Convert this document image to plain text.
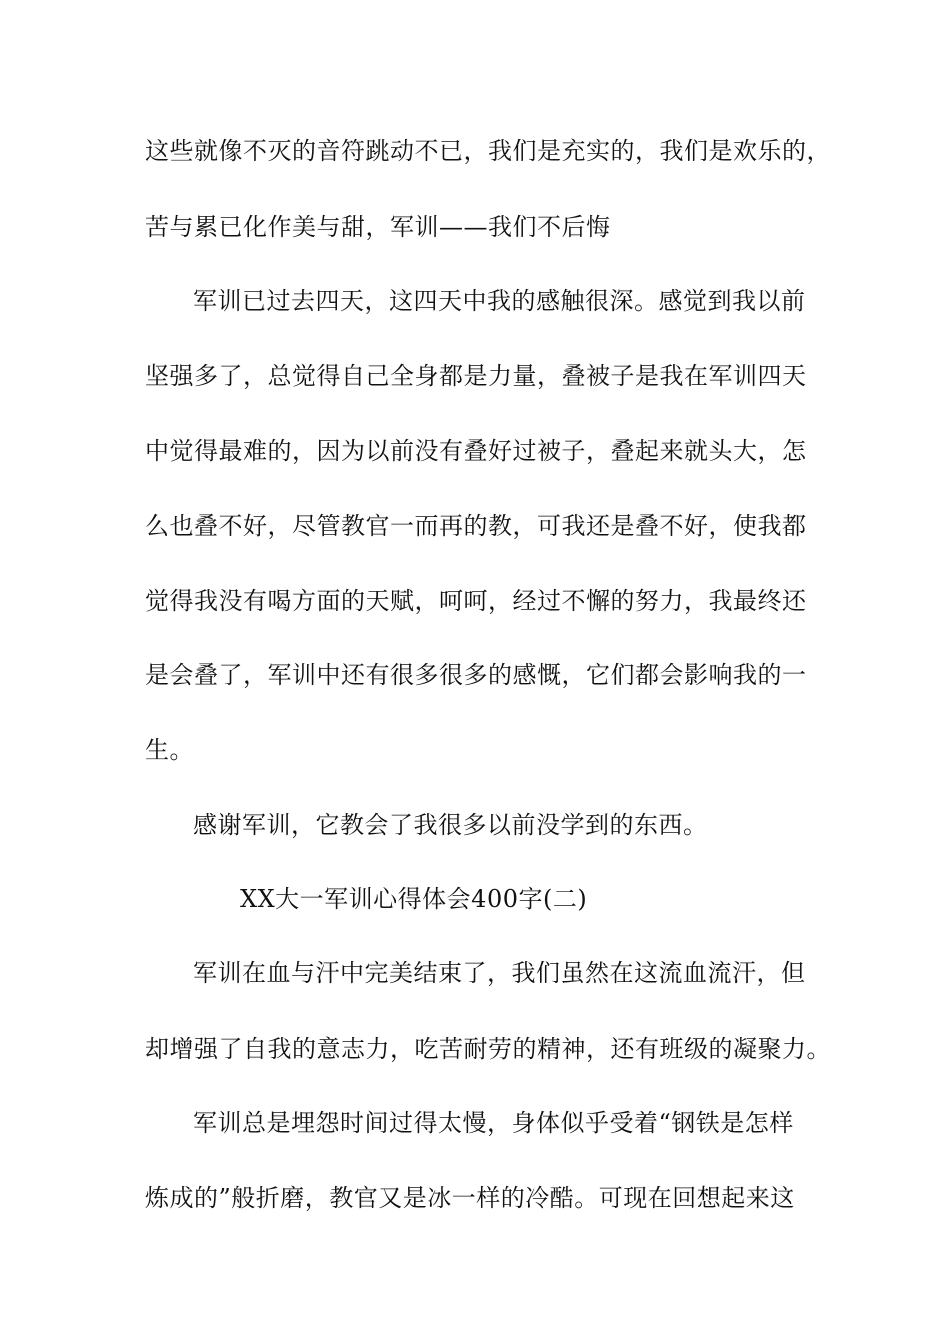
这些就像不灭的音符跳动不已，我们是充实的，我们是欢乐的，
苦与累已化作美与甜，军训——我们不后悔
军训已过去四天，这四天中我的感触很深。感觉到我以前
坚强多了，总觉得自己全身都是力量，叠被子是我在军训四天
中觉得最难的，因为以前没有叠好过被子，叠起来就头大，怎
么也叠不好，尽管教官一而再的教，可我还是叠不好，使我都
觉得我没有喝方面的天赋，呵呵，经过不懈的努力，我最终还
是会叠了，军训中还有很多很多的感慨，它们都会影响我的一
生。
感谢军训，它教会了我很多以前没学到的东西。
XX大一军训心得体会400字(二)
军训在血与汗中完美结束了，我们虽然在这流血流汗，但
却增强了自我的意志力，吃苦耐劳的精神，还有班级的凝聚力。
军训总是埋怨时间过得太慢，身体似乎受着“钢铁是怎样
炼成的”般折磨，教官又是冰一样的冷酷。可现在回想起来这
